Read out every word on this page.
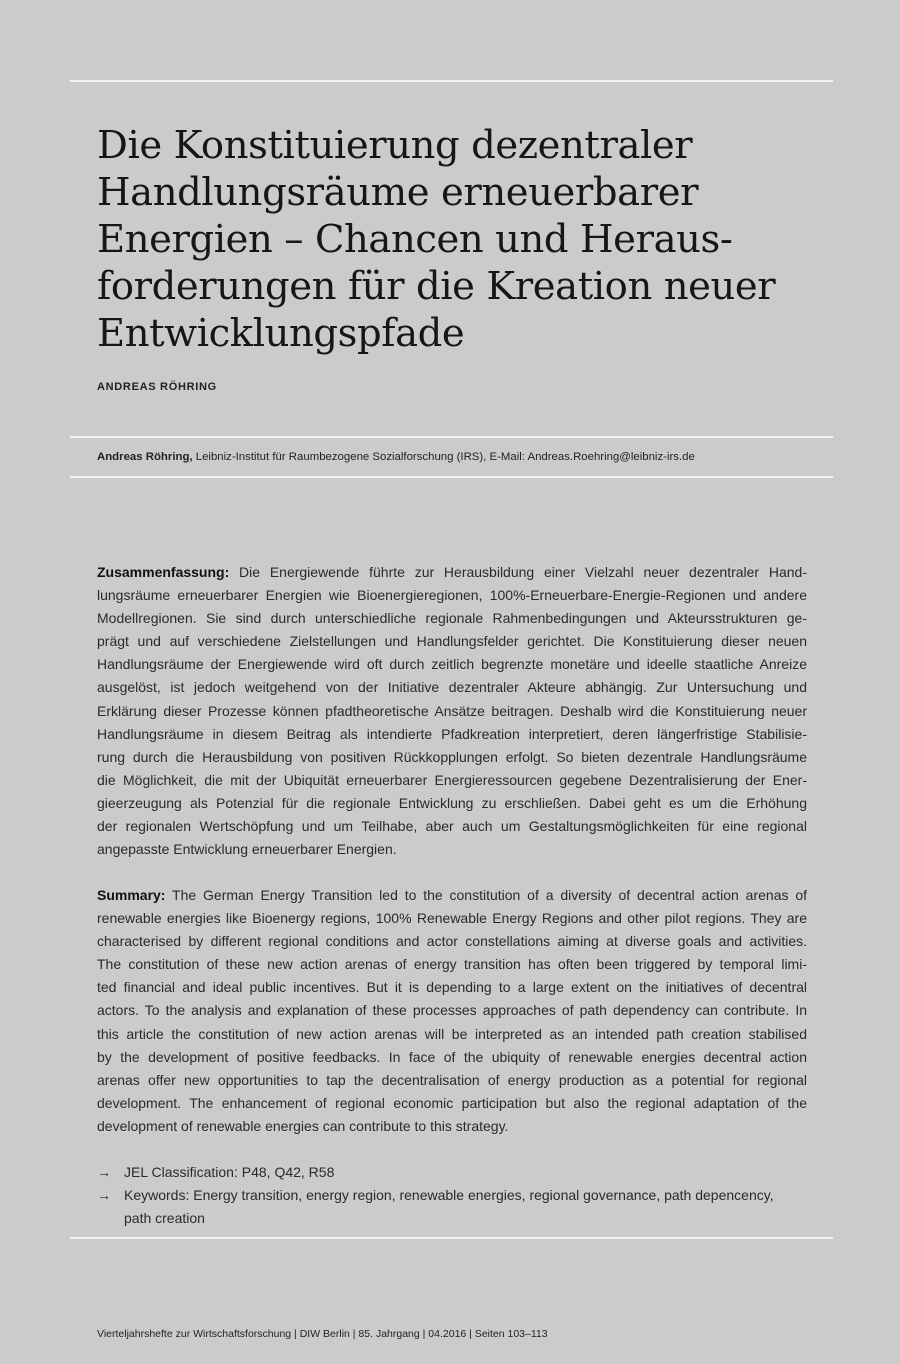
Die Konstituierung dezentraler
Handlungsräume erneuerbarer
Energien – Chancen und Heraus-
forderungen für die Kreation neuer
Entwicklungspfade
ANDREAS RÖHRING
Andreas Röhring, Leibniz-Institut für Raumbezogene Sozialforschung (IRS), E-Mail: Andreas.Roehring@leibniz-irs.de
Zusammenfassung: Die Energiewende führte zur Herausbildung einer Vielzahl neuer dezentraler Hand-
lungsräume erneuerbarer Energien wie Bioenergieregionen, 100%-Erneuerbare-Energie-Regionen und andere
Modellregionen. Sie sind durch unterschiedliche regionale Rahmenbedingungen und Akteursstrukturen ge-
prägt und auf verschiedene Zielstellungen und Handlungsfelder gerichtet. Die Konstituierung dieser neuen
Handlungsräume der Energiewende wird oft durch zeitlich begrenzte monetäre und ideelle staatliche Anreize
ausgelöst, ist jedoch weitgehend von der Initiative dezentraler Akteure abhängig. Zur Untersuchung und
Erklärung dieser Prozesse können pfadtheoretische Ansätze beitragen. Deshalb wird die Konstituierung neuer
Handlungsräume in diesem Beitrag als intendierte Pfadkreation interpretiert, deren längerfristige Stabilisie-
rung durch die Herausbildung von positiven Rückkopplungen erfolgt. So bieten dezentrale Handlungsräume
die Möglichkeit, die mit der Ubiquität erneuerbarer Energieressourcen gegebene Dezentralisierung der Ener-
gieerzeugung als Potenzial für die regionale Entwicklung zu erschließen. Dabei geht es um die Erhöhung
der regionalen Wertschöpfung und um Teilhabe, aber auch um Gestaltungsmöglichkeiten für eine regional
angepasste Entwicklung erneuerbarer Energien.
Summary: The German Energy Transition led to the constitution of a diversity of decentral action arenas of
renewable energies like Bioenergy regions, 100% Renewable Energy Regions and other pilot regions. They are
characterised by different regional conditions and actor constellations aiming at diverse goals and activities.
The constitution of these new action arenas of energy transition has often been triggered by temporal limi-
ted financial and ideal public incentives. But it is depending to a large extent on the initiatives of decentral
actors. To the analysis and explanation of these processes approaches of path dependency can contribute. In
this article the constitution of new action arenas will be interpreted as an intended path creation stabilised
by the development of positive feedbacks. In face of the ubiquity of renewable energies decentral action
arenas offer new opportunities to tap the decentralisation of energy production as a potential for regional
development. The enhancement of regional economic participation but also the regional adaptation of the
development of renewable energies can contribute to this strategy.
→ JEL Classification: P48, Q42, R58
→ Keywords: Energy transition, energy region, renewable energies, regional governance, path depencency,
path creation
Vierteljahrshefte zur Wirtschaftsforschung | DIW Berlin | 85. Jahrgang | 04.2016 | Seiten 103–113
